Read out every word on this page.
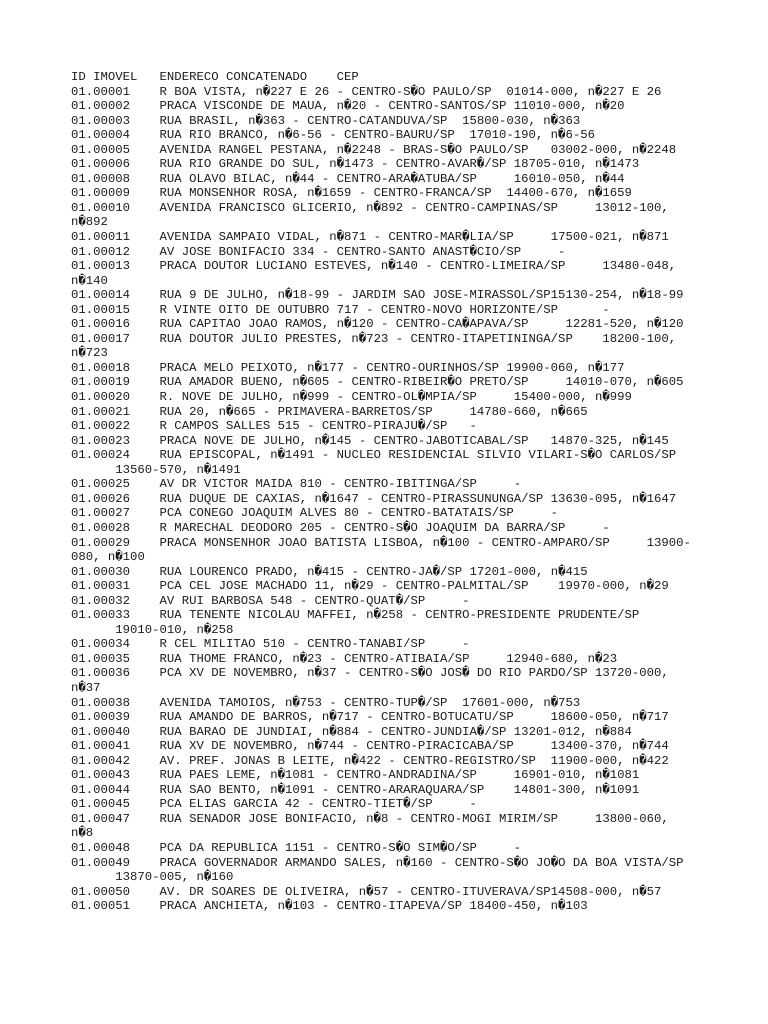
ID IMOVEL   ENDERECO CONCATENADO    CEP
01.00001    R BOA VISTA, n�227 E 26 - CENTRO-S�O PAULO/SP  01014-000, n�227 E 26
01.00002    PRACA VISCONDE DE MAUA, n�20 - CENTRO-SANTOS/SP 11010-000, n�20
01.00003    RUA BRASIL, n�363 - CENTRO-CATANDUVA/SP  15800-030, n�363
01.00004    RUA RIO BRANCO, n�6-56 - CENTRO-BAURU/SP  17010-190, n�6-56
01.00005    AVENIDA RANGEL PESTANA, n�2248 - BRAS-S�O PAULO/SP   03002-000, n�2248
01.00006    RUA RIO GRANDE DO SUL, n�1473 - CENTRO-AVAR�/SP 18705-010, n�1473
01.00008    RUA OLAVO BILAC, n�44 - CENTRO-ARA�ATUBA/SP     16010-050, n�44
01.00009    RUA MONSENHOR ROSA, n�1659 - CENTRO-FRANCA/SP  14400-670, n�1659
01.00010    AVENIDA FRANCISCO GLICERIO, n�892 - CENTRO-CAMPINAS/SP     13012-100,
n�892
01.00011    AVENIDA SAMPAIO VIDAL, n�871 - CENTRO-MAR�LIA/SP     17500-021, n�871
01.00012    AV JOSE BONIFACIO 334 - CENTRO-SANTO ANAST�CIO/SP     -
01.00013    PRACA DOUTOR LUCIANO ESTEVES, n�140 - CENTRO-LIMEIRA/SP     13480-048,
n�140
01.00014    RUA 9 DE JULHO, n�18-99 - JARDIM SAO JOSE-MIRASSOL/SP15130-254, n�18-99
01.00015    R VINTE OITO DE OUTUBRO 717 - CENTRO-NOVO HORIZONTE/SP      -
01.00016    RUA CAPITAO JOAO RAMOS, n�120 - CENTRO-CA�APAVA/SP     12281-520, n�120
01.00017    RUA DOUTOR JULIO PRESTES, n�723 - CENTRO-ITAPETININGA/SP    18200-100,
n�723
01.00018    PRACA MELO PEIXOTO, n�177 - CENTRO-OURINHOS/SP 19900-060, n�177
01.00019    RUA AMADOR BUENO, n�605 - CENTRO-RIBEIR�O PRETO/SP     14010-070, n�605
01.00020    R. NOVE DE JULHO, n�999 - CENTRO-OL�MPIA/SP     15400-000, n�999
01.00021    RUA 20, n�665 - PRIMAVERA-BARRETOS/SP     14780-660, n�665
01.00022    R CAMPOS SALLES 515 - CENTRO-PIRAJU�/SP   -
01.00023    PRACA NOVE DE JULHO, n�145 - CENTRO-JABOTICABAL/SP   14870-325, n�145
01.00024    RUA EPISCOPAL, n�1491 - NUCLEO RESIDENCIAL SILVIO VILARI-S�O CARLOS/SP
13560-570, n�1491
01.00025    AV DR VICTOR MAIDA 810 - CENTRO-IBITINGA/SP     -
01.00026    RUA DUQUE DE CAXIAS, n�1647 - CENTRO-PIRASSUNUNGA/SP 13630-095, n�1647
01.00027    PCA CONEGO JOAQUIM ALVES 80 - CENTRO-BATATAIS/SP     -
01.00028    R MARECHAL DEODORO 205 - CENTRO-S�O JOAQUIM DA BARRA/SP     -
01.00029    PRACA MONSENHOR JOAO BATISTA LISBOA, n�100 - CENTRO-AMPARO/SP     13900-
080, n�100
01.00030    RUA LOURENCO PRADO, n�415 - CENTRO-JA�/SP 17201-000, n�415
01.00031    PCA CEL JOSE MACHADO 11, n�29 - CENTRO-PALMITAL/SP    19970-000, n�29
01.00032    AV RUI BARBOSA 548 - CENTRO-QUAT�/SP     -
01.00033    RUA TENENTE NICOLAU MAFFEI, n�258 - CENTRO-PRESIDENTE PRUDENTE/SP
19010-010, n�258
01.00034    R CEL MILITAO 510 - CENTRO-TANABI/SP     -
01.00035    RUA THOME FRANCO, n�23 - CENTRO-ATIBAIA/SP     12940-680, n�23
01.00036    PCA XV DE NOVEMBRO, n�37 - CENTRO-S�O JOS� DO RIO PARDO/SP 13720-000,
n�37
01.00038    AVENIDA TAMOIOS, n�753 - CENTRO-TUP�/SP  17601-000, n�753
01.00039    RUA AMANDO DE BARROS, n�717 - CENTRO-BOTUCATU/SP     18600-050, n�717
01.00040    RUA BARAO DE JUNDIAI, n�884 - CENTRO-JUNDIA�/SP 13201-012, n�884
01.00041    RUA XV DE NOVEMBRO, n�744 - CENTRO-PIRACICABA/SP     13400-370, n�744
01.00042    AV. PREF. JONAS B LEITE, n�422 - CENTRO-REGISTRO/SP  11900-000, n�422
01.00043    RUA PAES LEME, n�1081 - CENTRO-ANDRADINA/SP     16901-010, n�1081
01.00044    RUA SAO BENTO, n�1091 - CENTRO-ARARAQUARA/SP    14801-300, n�1091
01.00045    PCA ELIAS GARCIA 42 - CENTRO-TIET�/SP     -
01.00047    RUA SENADOR JOSE BONIFACIO, n�8 - CENTRO-MOGI MIRIM/SP     13800-060,
n�8
01.00048    PCA DA REPUBLICA 1151 - CENTRO-S�O SIM�O/SP     -
01.00049    PRACA GOVERNADOR ARMANDO SALES, n�160 - CENTRO-S�O JO�O DA BOA VISTA/SP
13870-005, n�160
01.00050    AV. DR SOARES DE OLIVEIRA, n�57 - CENTRO-ITUVERAVA/SP14508-000, n�57
01.00051    PRACA ANCHIETA, n�103 - CENTRO-ITAPEVA/SP 18400-450, n�103
